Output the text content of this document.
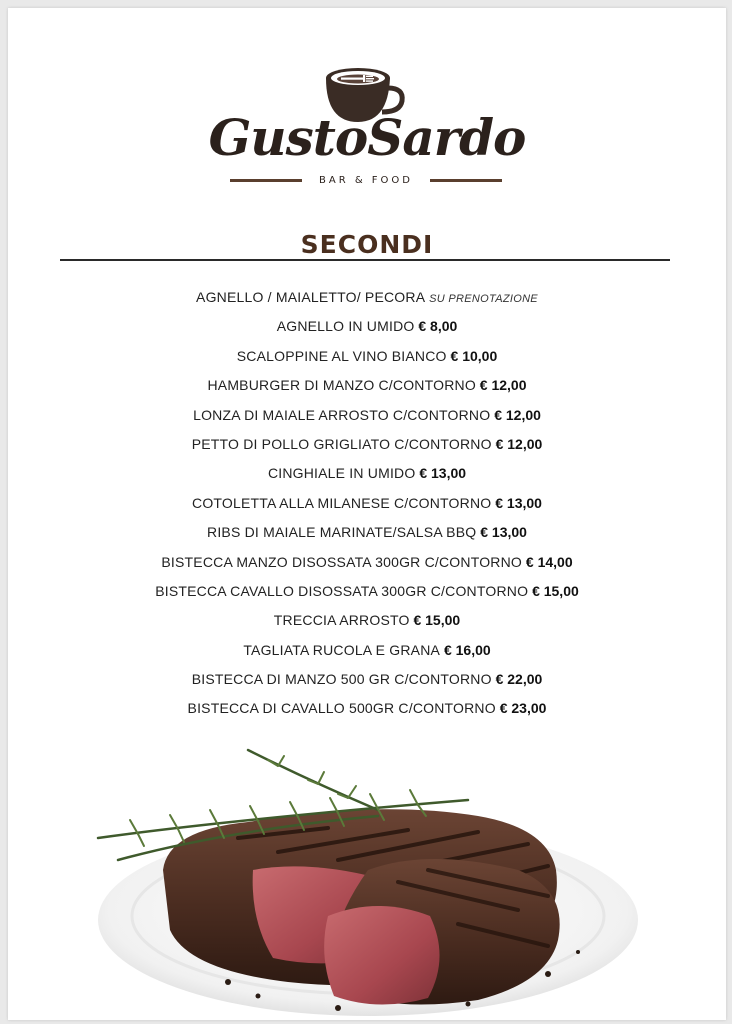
GustoSardo
BAR & FOOD
SECONDI
AGNELLO / MAIALETTO/ PECORA SU PRENOTAZIONE
AGNELLO IN UMIDO € 8,00
SCALOPPINE AL VINO BIANCO € 10,00
HAMBURGER DI MANZO C/CONTORNO € 12,00
LONZA DI MAIALE ARROSTO C/CONTORNO € 12,00
PETTO DI POLLO GRIGLIATO C/CONTORNO € 12,00
CINGHIALE IN UMIDO € 13,00
COTOLETTA ALLA MILANESE C/CONTORNO € 13,00
RIBS DI MAIALE MARINATE/SALSA BBQ € 13,00
BISTECCA MANZO DISOSSATA 300GR C/CONTORNO € 14,00
BISTECCA CAVALLO DISOSSATA 300GR C/CONTORNO € 15,00
TRECCIA ARROSTO € 15,00
TAGLIATA RUCOLA E GRANA € 16,00
BISTECCA DI MANZO 500 GR C/CONTORNO € 22,00
BISTECCA DI CAVALLO 500GR C/CONTORNO € 23,00
